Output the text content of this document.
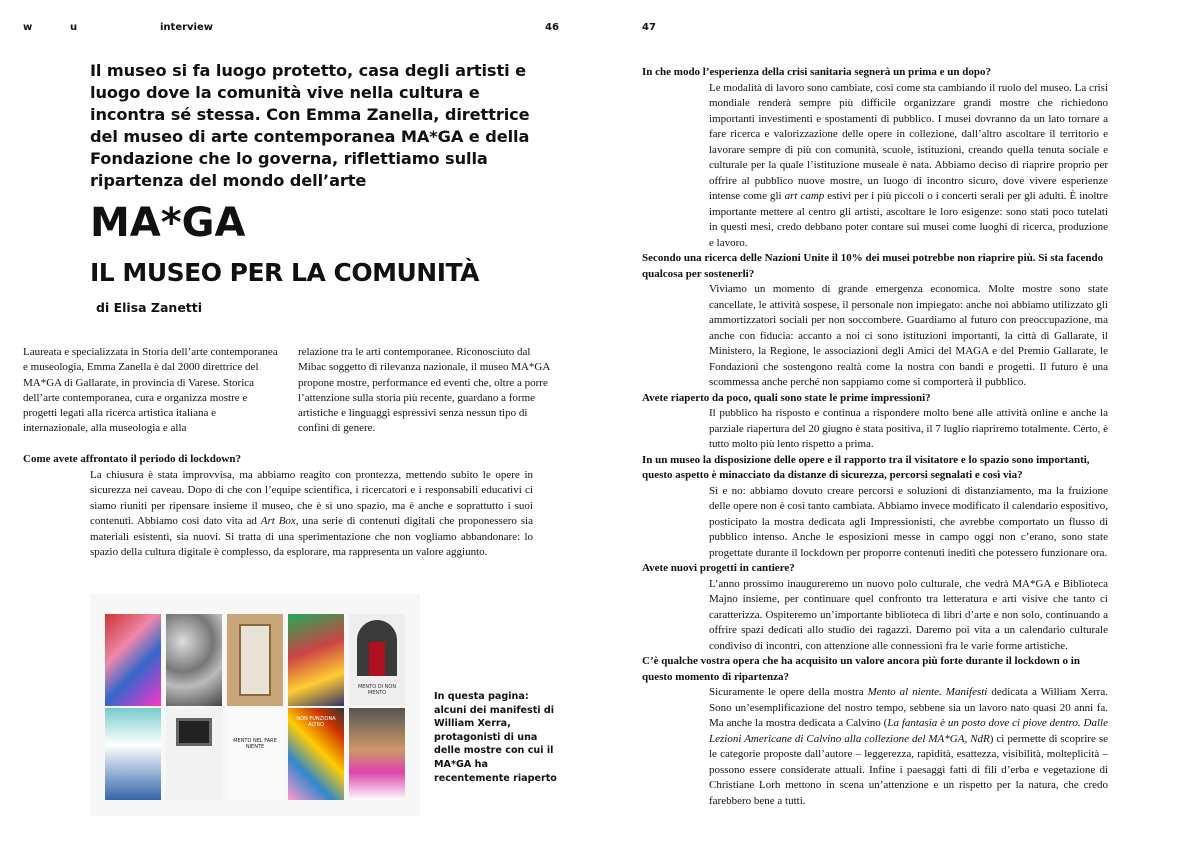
w	u	interview	46	47
Il museo si fa luogo protetto, casa degli artisti e luogo dove la comunità vive nella cultura e incontra sé stessa. Con Emma Zanella, direttrice del museo di arte contemporanea MA*GA e della Fondazione che lo governa, riflettiamo sulla ripartenza del mondo dell’arte
MA*GA
IL MUSEO PER LA COMUNITÀ
di Elisa Zanetti

Laureata e specializzata in Storia dell’arte contemporanea e museologia, Emma Zanella è dal 2000 direttrice del MA*GA di Gallarate, in provincia di Varese. Storica dell’arte contemporanea, cura e organizza mostre e progetti legati alla ricerca artistica italiana e internazionale, alla museologia e alla

relazione tra le arti contemporanee. Riconosciuto dal Mibac soggetto di rilevanza nazionale, il museo MA*GA propone mostre, performance ed eventi che, oltre a porre l’attenzione sulla storia più recente, guardano a forme artistiche e linguaggi espressivi senza nessun tipo di confini di genere.

Come avete affrontato il periodo di lockdown?

La chiusura è stata improvvisa, ma abbiamo reagito con prontezza, mettendo subito le opere in sicurezza nei caveau. Dopo di che con l’equipe scientifica, i ricercatori e i responsabili educativi ci siamo riuniti per ripensare insieme il museo, che è sì uno spazio, ma è anche e soprattutto i suoi contenuti. Abbiamo così dato vita ad Art Box, una serie di contenuti digitali che proponessero sia materiali esistenti, sia nuovi. Si tratta di una sperimentazione che non vogliamo abbandonare: lo spazio della cultura digitale è complesso, da esplorare, ma rappresenta un valore aggiunto.

MENTO DI NON MENTO
MENTO NEL FARE NIENTE
NON FUNZIONA ALTRO

In questa pagina: alcuni dei manifesti di William Xerra, protagonisti di una delle mostre con cui il MA*GA ha recentemente riaperto

In che modo l’esperienza della crisi sanitaria segnerà un prima e un dopo?

Le modalità di lavoro sono cambiate, così come sta cambiando il ruolo del museo. La crisi mondiale renderà sempre più difficile organizzare grandi mostre che richiedono importanti investimenti e spostamenti di pubblico. I musei dovranno da un lato tornare a fare ricerca e valorizzazione delle opere in collezione, dall’altro ascoltare il territorio e lavorare sempre di più con comunità, scuole, istituzioni, creando quella tenuta sociale e culturale per la quale l’istituzione museale è nata. Abbiamo deciso di riaprire proprio per offrire al pubblico nuove mostre, un luogo di incontro sicuro, dove vivere esperienze intense come gli art camp estivi per i più piccoli o i concerti serali per gli adulti. È inoltre importante mettere al centro gli artisti, ascoltare le loro esigenze: sono stati poco tutelati in questi mesi, credo debbano poter contare sui musei come luoghi di ricerca, produzione e lavoro.

Secondo una ricerca delle Nazioni Unite il 10% dei musei potrebbe non riaprire più. Si sta facendo qualcosa per sostenerli?

Viviamo un momento di grande emergenza economica. Molte mostre sono state cancellate, le attività sospese, il personale non impiegato: anche noi abbiamo utilizzato gli ammortizzatori sociali per non soccombere. Guardiamo al futuro con preoccupazione, ma anche con fiducia: accanto a noi ci sono istituzioni importanti, la città di Gallarate, il Ministero, la Regione, le associazioni degli Amici del MAGA e del Premio Gallarate, le Fondazioni che sostengono realtà come la nostra con bandi e progetti. Il futuro è una scommessa anche perché non sappiamo come si comporterà il pubblico.

Avete riaperto da poco, quali sono state le prime impressioni?

Il pubblico ha risposto e continua a rispondere molto bene alle attività online e anche la parziale riapertura del 20 giugno è stata positiva, il 7 luglio riapriremo totalmente. Certo, è tutto molto più lento rispetto a prima.

In un museo la disposizione delle opere e il rapporto tra il visitatore e lo spazio sono importanti, questo aspetto è minacciato da distanze di sicurezza, percorsi segnalati e così via?

Sì e no: abbiamo dovuto creare percorsi e soluzioni di distanziamento, ma la fruizione delle opere non è così tanto cambiata. Abbiamo invece modificato il calendario espositivo, posticipato la mostra dedicata agli Impressionisti, che avrebbe comportato un flusso di pubblico intenso. Anche le esposizioni messe in campo oggi non c’erano, sono state progettate durante il lockdown per proporre contenuti inediti che potessero funzionare ora.

Avete nuovi progetti in cantiere?

L’anno prossimo inaugureremo un nuovo polo culturale, che vedrà MA*GA e Biblioteca Majno insieme, per continuare quel confronto tra letteratura e arti visive che tanto ci caratterizza. Ospiteremo un’importante biblioteca di libri d’arte e non solo, continuando a offrire spazi dedicati allo studio dei ragazzi. Daremo poi vita a un calendario culturale condiviso di incontri, con attenzione alle connessioni fra le varie forme artistiche.

C’è qualche vostra opera che ha acquisito un valore ancora più forte durante il lockdown o in questo momento di ripartenza?

Sicuramente le opere della mostra Mento al niente. Manifesti dedicata a William Xerra. Sono un’esemplificazione del nostro tempo, sebbene sia un lavoro nato quasi 20 anni fa. Ma anche la mostra dedicata a Calvino (La fantasia è un posto dove ci piove dentro. Dalle Lezioni Americane di Calvino alla collezione del MA*GA, NdR) ci permette di scoprire se le categorie proposte dall’autore – leggerezza, rapidità, esattezza, visibilità, molteplicità – possono essere considerate attuali. Infine i paesaggi fatti di fili d’erba e vegetazione di Christiane Lorh mettono in scena un’attenzione e un rispetto per la natura, che credo farebbero bene a tutti.
